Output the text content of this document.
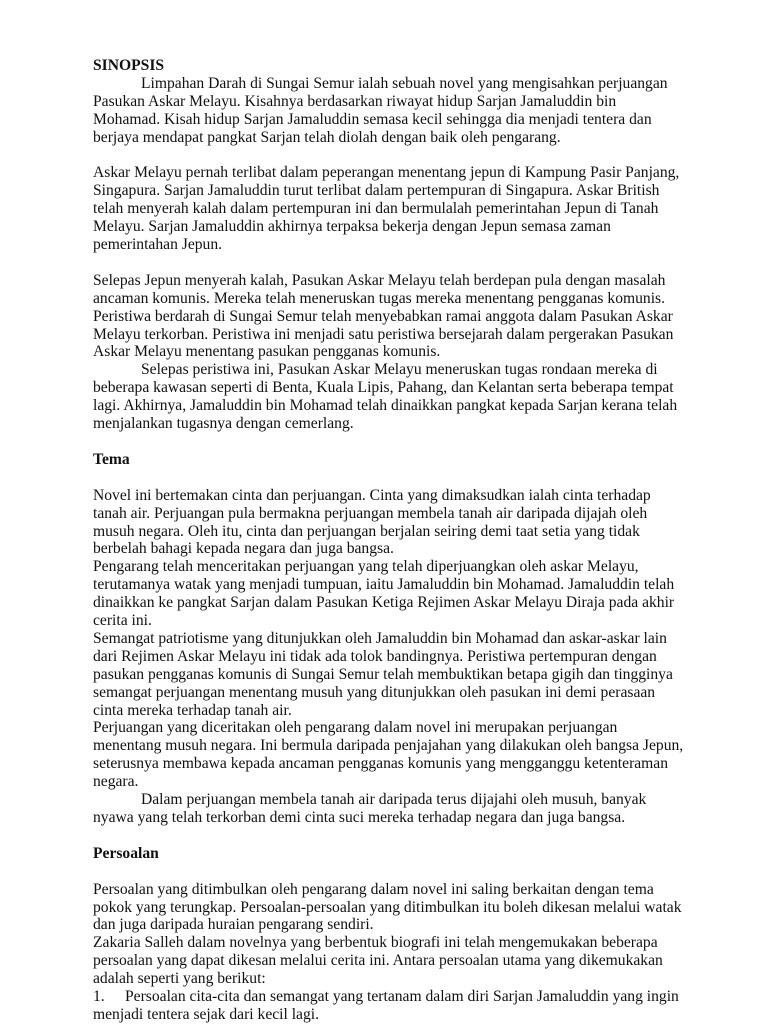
SINOPSIS

Limpahan Darah di Sungai Semur ialah sebuah novel yang mengisahkan perjuangan Pasukan Askar Melayu. Kisahnya berdasarkan riwayat hidup Sarjan Jamaluddin bin Mohamad. Kisah hidup Sarjan Jamaluddin semasa kecil sehingga dia menjadi tentera dan berjaya mendapat pangkat Sarjan telah diolah dengan baik oleh pengarang.

Askar Melayu pernah terlibat dalam peperangan menentang jepun di Kampung Pasir Panjang, Singapura. Sarjan Jamaluddin turut terlibat dalam pertempuran di Singapura. Askar British telah menyerah kalah dalam pertempuran ini dan bermulalah pemerintahan Jepun di Tanah Melayu. Sarjan Jamaluddin akhirnya terpaksa bekerja dengan Jepun semasa zaman pemerintahan Jepun.

Selepas Jepun menyerah kalah, Pasukan Askar Melayu telah berdepan pula dengan masalah ancaman komunis. Mereka telah meneruskan tugas mereka menentang pengganas komunis. Peristiwa berdarah di Sungai Semur telah menyebabkan ramai anggota dalam Pasukan Askar Melayu terkorban. Peristiwa ini menjadi satu peristiwa bersejarah dalam pergerakan Pasukan Askar Melayu menentang pasukan pengganas komunis.

Selepas peristiwa ini, Pasukan Askar Melayu meneruskan tugas rondaan mereka di beberapa kawasan seperti di Benta, Kuala Lipis, Pahang, dan Kelantan serta beberapa tempat lagi. Akhirnya, Jamaluddin bin Mohamad telah dinaikkan pangkat kepada Sarjan kerana telah menjalankan tugasnya dengan cemerlang.

Tema

Novel ini bertemakan cinta dan perjuangan. Cinta yang dimaksudkan ialah cinta terhadap tanah air. Perjuangan pula bermakna perjuangan membela tanah air daripada dijajah oleh musuh negara. Oleh itu, cinta dan perjuangan berjalan seiring demi taat setia yang tidak berbelah bahagi kepada negara dan juga bangsa.

Pengarang telah menceritakan perjuangan yang telah diperjuangkan oleh askar Melayu, terutamanya watak yang menjadi tumpuan, iaitu Jamaluddin bin Mohamad. Jamaluddin telah dinaikkan ke pangkat Sarjan dalam Pasukan Ketiga Rejimen Askar Melayu Diraja pada akhir cerita ini.

Semangat patriotisme yang ditunjukkan oleh Jamaluddin bin Mohamad dan askar-askar lain dari Rejimen Askar Melayu ini tidak ada tolok bandingnya. Peristiwa pertempuran dengan pasukan pengganas komunis di Sungai Semur telah membuktikan betapa gigih dan tingginya semangat perjuangan menentang musuh yang ditunjukkan oleh pasukan ini demi perasaan cinta mereka terhadap tanah air.

Perjuangan yang diceritakan oleh pengarang dalam novel ini merupakan perjuangan menentang musuh negara. Ini bermula daripada penjajahan yang dilakukan oleh bangsa Jepun, seterusnya membawa kepada ancaman pengganas komunis yang mengganggu ketenteraman negara.

Dalam perjuangan membela tanah air daripada terus dijajahi oleh musuh, banyak nyawa yang telah terkorban demi cinta suci mereka terhadap negara dan juga bangsa.

Persoalan

Persoalan yang ditimbulkan oleh pengarang dalam novel ini saling berkaitan dengan tema pokok yang terungkap. Persoalan-persoalan yang ditimbulkan itu boleh dikesan melalui watak dan juga daripada huraian pengarang sendiri.

Zakaria Salleh dalam novelnya yang berbentuk biografi ini telah mengemukakan beberapa persoalan yang dapat dikesan melalui cerita ini. Antara persoalan utama yang dikemukakan adalah seperti yang berikut:

1. Persoalan cita-cita dan semangat yang tertanam dalam diri Sarjan Jamaluddin yang ingin menjadi tentera sejak dari kecil lagi.
